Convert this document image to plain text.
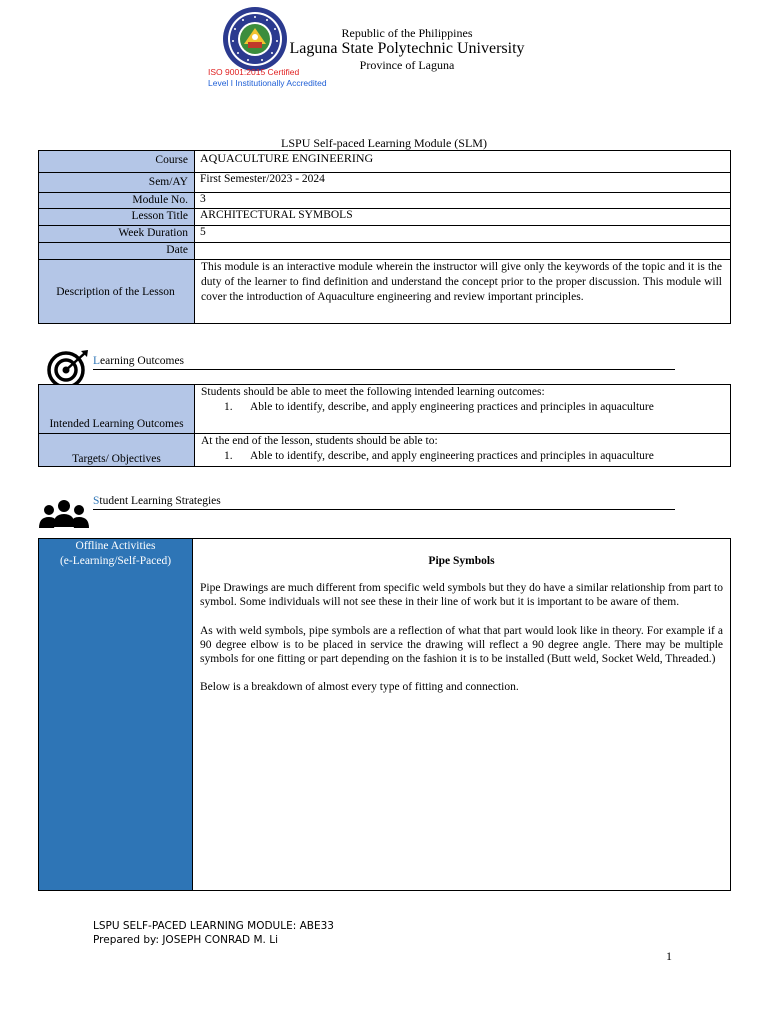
Republic of the Philippines
Laguna State Polytechnic University
Province of Laguna
ISO 9001:2015 Certified
Level I Institutionally Accredited
LSPU Self-paced Learning Module (SLM)
Course	AQUACULTURE ENGINEERING
Sem/AY	First Semester/2023 - 2024
Module No.	3
Lesson Title	ARCHITECTURAL SYMBOLS
Week Duration	5
Date	
Description of the Lesson	This module is an interactive module wherein the instructor will give only the keywords of the topic and it is the duty of the learner to find definition and understand the concept prior to the proper discussion. This module will cover the introduction of Aquaculture engineering and review important principles.
Learning Outcomes
Intended Learning Outcomes	Students should be able to meet the following intended learning outcomes:
1. Able to identify, describe, and apply engineering practices and principles in aquaculture

Targets/ Objectives	At the end of the lesson, students should be able to:
1. Able to identify, describe, and apply engineering practices and principles in aquaculture
Student Learning Strategies
Offline Activities
(e-Learning/Self-Paced)	Pipe Symbols

Pipe Drawings are much different from specific weld symbols but they do have a similar relationship from part to symbol. Some individuals will not see these in their line of work but it is important to be aware of them.

As with weld symbols, pipe symbols are a reflection of what that part would look like in theory. For example if a 90 degree elbow is to be placed in service the drawing will reflect a 90 degree angle. There may be multiple symbols for one fitting or part depending on the fashion it is to be installed (Butt weld, Socket Weld, Threaded.)

Below is a breakdown of almost every type of fitting and connection.

LSPU SELF-PACED LEARNING MODULE: ABE33
Prepared by: JOSEPH CONRAD M. Li
1
